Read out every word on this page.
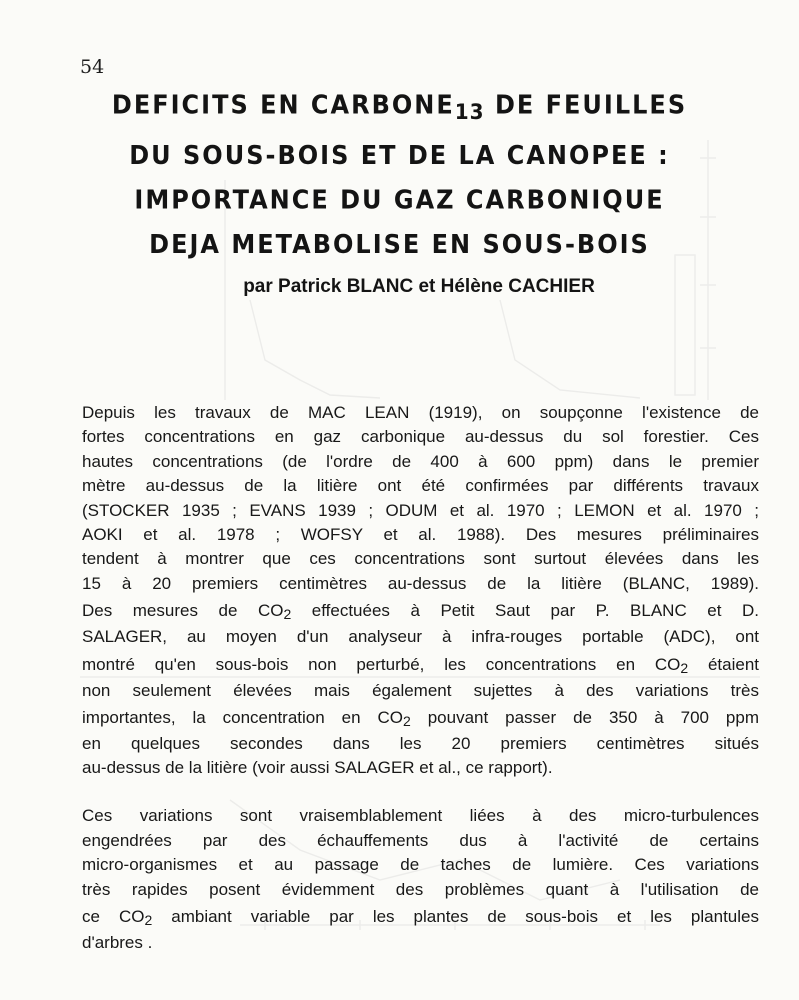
54
DEFICITS EN $CARBONE_{13}$ DE FEUILLES
DU SOUS-BOIS ET DE LA CANOPEE :
IMPORTANCE DU GAZ CARBONIQUE
DEJA METABOLISE EN SOUS-BOIS
par Patrick BLANC et Hélène CACHIER
Depuis les travaux de MAC LEAN (1919), on soupçonne l'existence de
fortes concentrations en gaz carbonique au-dessus du sol forestier. Ces
hautes concentrations (de l'ordre de 400 à 600 ppm) dans le premier
mètre au-dessus de la litière ont été confirmées par différents travaux
(STOCKER 1935 ; EVANS 1939 ; ODUM et al. 1970 ; LEMON et al. 1970 ;
AOKI et al. 1978 ; WOFSY et al. 1988). Des mesures préliminaires
tendent à montrer que ces concentrations sont surtout élevées dans les
15 à 20 premiers centimètres au-dessus de la litière (BLANC, 1989).
Des mesures de $CO_2$ effectuées à Petit Saut par P. BLANC et D.
SALAGER, au moyen d'un analyseur à infra-rouges portable (ADC), ont
montré qu'en sous-bois non perturbé, les concentrations en $CO_2$ étaient
non seulement élevées mais également sujettes à des variations très
importantes, la concentration en $CO_2$ pouvant passer de 350 à 700 ppm
en quelques secondes dans les 20 premiers centimètres situés
au-dessus de la litière (voir aussi SALAGER et al., ce rapport).
Ces variations sont vraisemblablement liées à des micro-turbulences
engendrées par des échauffements dus à l'activité de certains
micro-organismes et au passage de taches de lumière. Ces variations
très rapides posent évidemment des problèmes quant à l'utilisation de
ce $CO_2$ ambiant variable par les plantes de sous-bois et les plantules
d'arbres .
